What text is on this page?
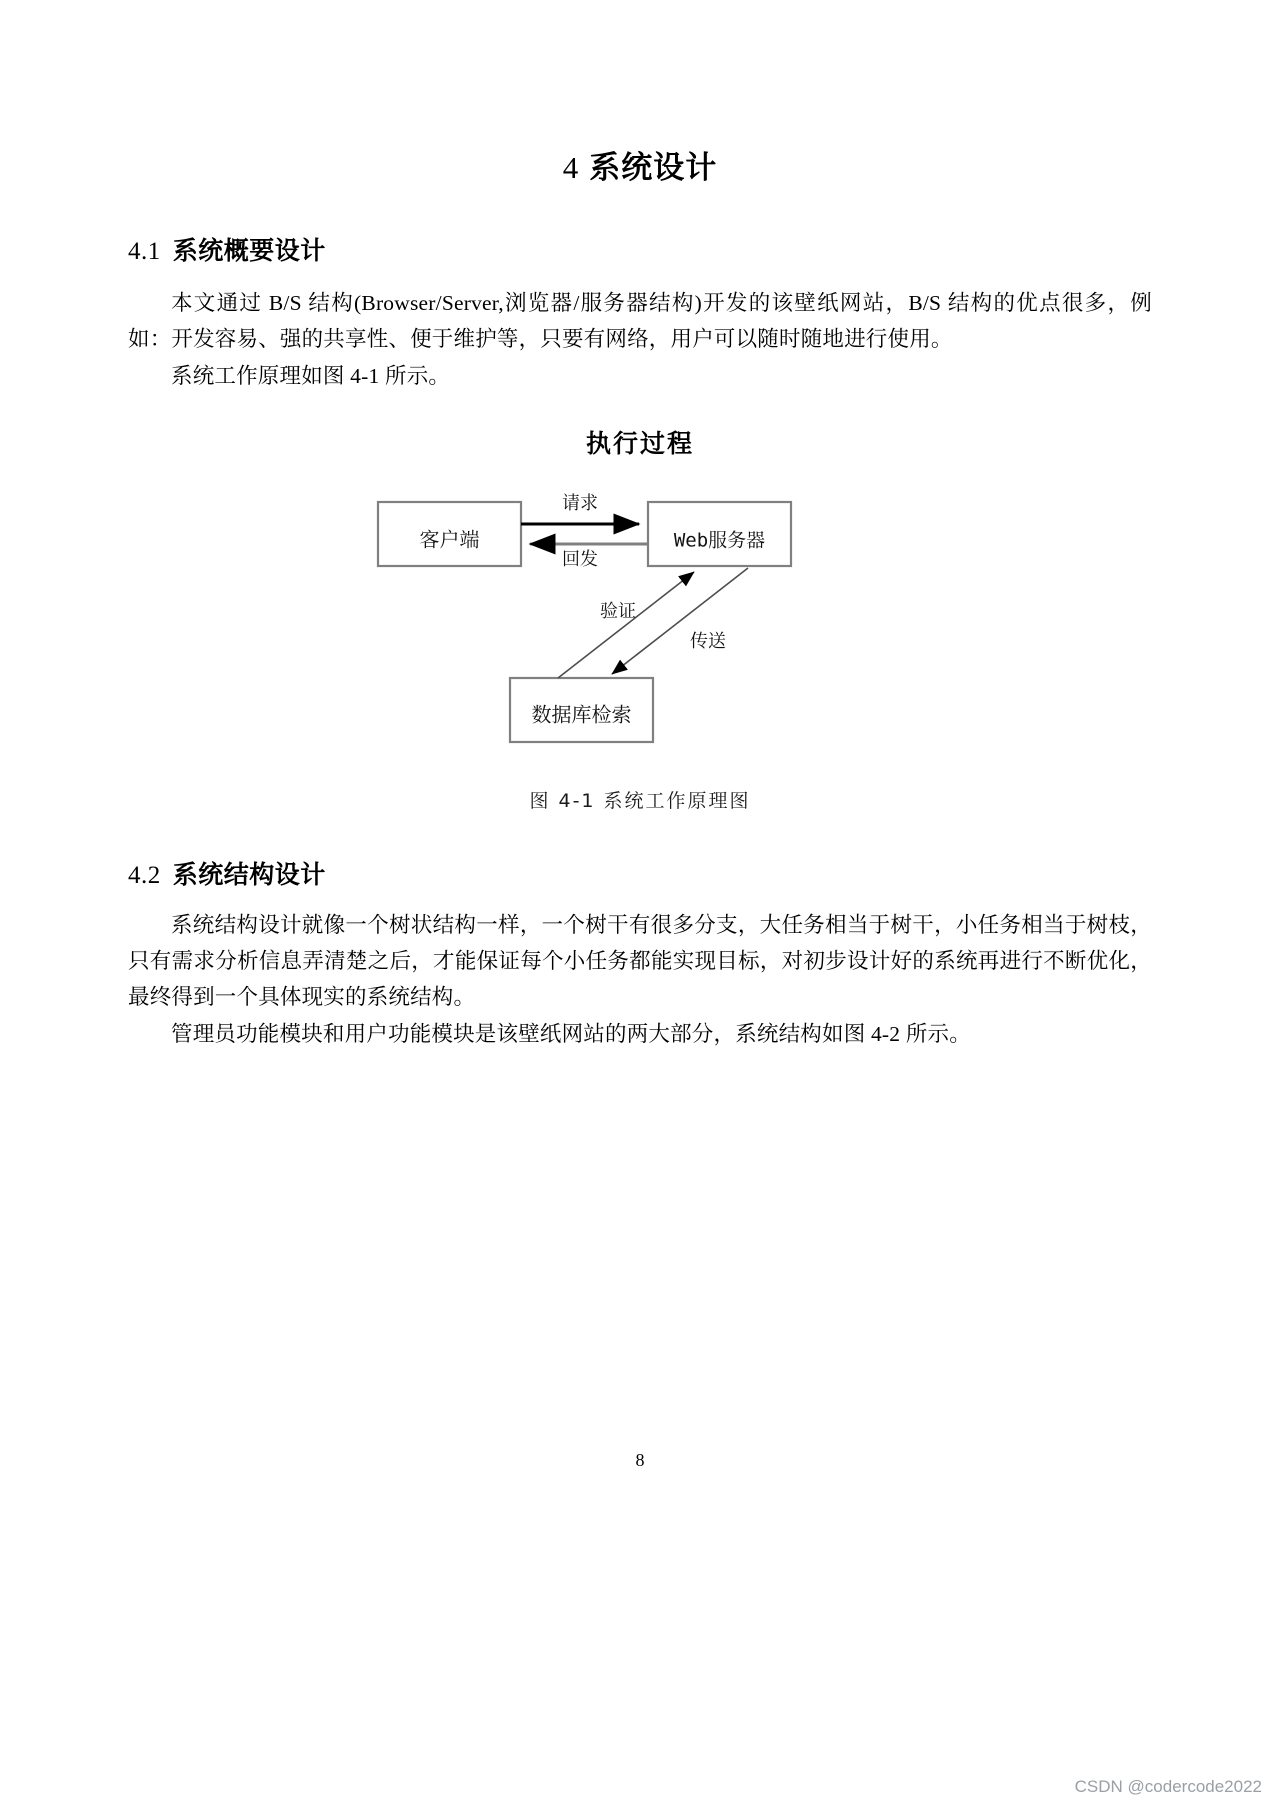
4 系统设计
4.1 系统概要设计

本文通过 B/S 结构(Browser/Server,浏览器/服务器结构)开发的该壁纸网站，B/S 结构的优点很多，例如：开发容易、强的共享性、便于维护等，只要有网络，用户可以随时随地进行使用。

系统工作原理如图 4-1 所示。

执行过程
客户端	Web服务器
数据库检索
请求
回发
验证
传送
图 4-1 系统工作原理图
4.2 系统结构设计

系统结构设计就像一个树状结构一样，一个树干有很多分支，大任务相当于树干，小任务相当于树枝，只有需求分析信息弄清楚之后，才能保证每个小任务都能实现目标，对初步设计好的系统再进行不断优化，最终得到一个具体现实的系统结构。

管理员功能模块和用户功能模块是该壁纸网站的两大部分，系统结构如图 4-2 所示。

8
CSDN @codercode2022
